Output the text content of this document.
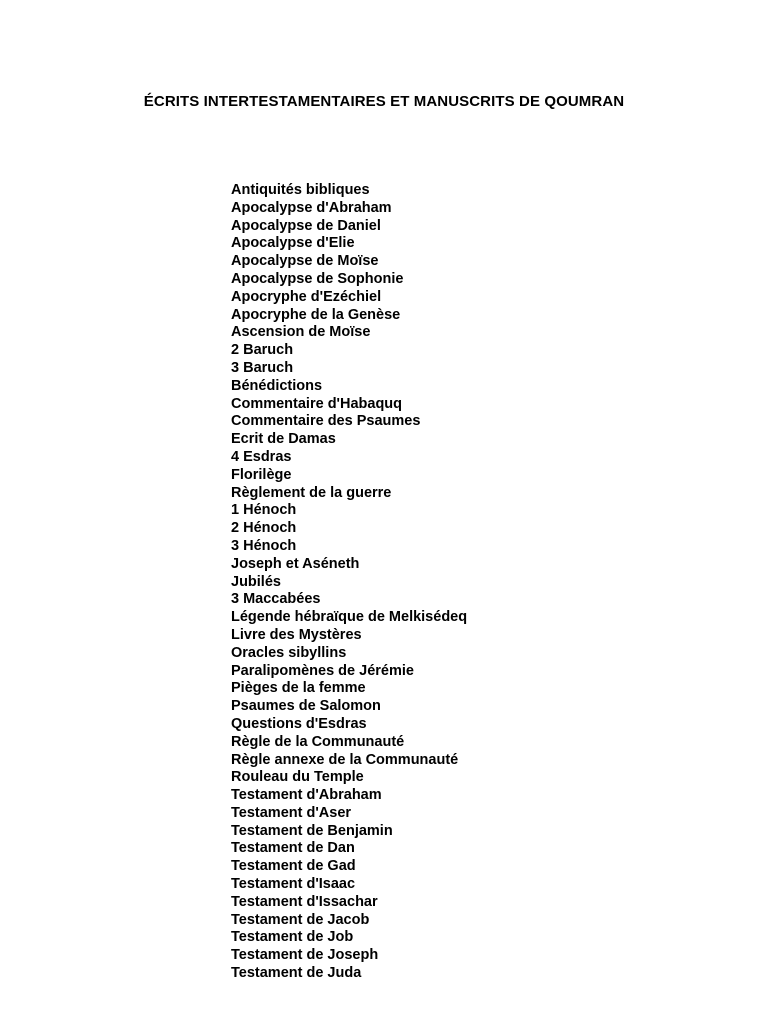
ÉCRITS INTERTESTAMENTAIRES ET MANUSCRITS DE QOUMRAN
Antiquités bibliques
Apocalypse d'Abraham
Apocalypse de Daniel
Apocalypse d'Elie
Apocalypse de Moïse
Apocalypse de Sophonie
Apocryphe d'Ezéchiel
Apocryphe de la Genèse
Ascension de Moïse
2 Baruch
3 Baruch
Bénédictions
Commentaire d'Habaquq
Commentaire des Psaumes
Ecrit de Damas
4 Esdras
Florilège
Règlement de la guerre
1 Hénoch
2 Hénoch
3 Hénoch
Joseph et Aséneth
Jubilés
3 Maccabées
Légende hébraïque de Melkisédeq
Livre des Mystères
Oracles sibyllins
Paralipomènes de Jérémie
Pièges de la femme
Psaumes de Salomon
Questions d'Esdras
Règle de la Communauté
Règle annexe de la Communauté
Rouleau du Temple
Testament d'Abraham
Testament d'Aser
Testament de Benjamin
Testament de Dan
Testament de Gad
Testament d'Isaac
Testament d'Issachar
Testament de Jacob
Testament de Job
Testament de Joseph
Testament de Juda
